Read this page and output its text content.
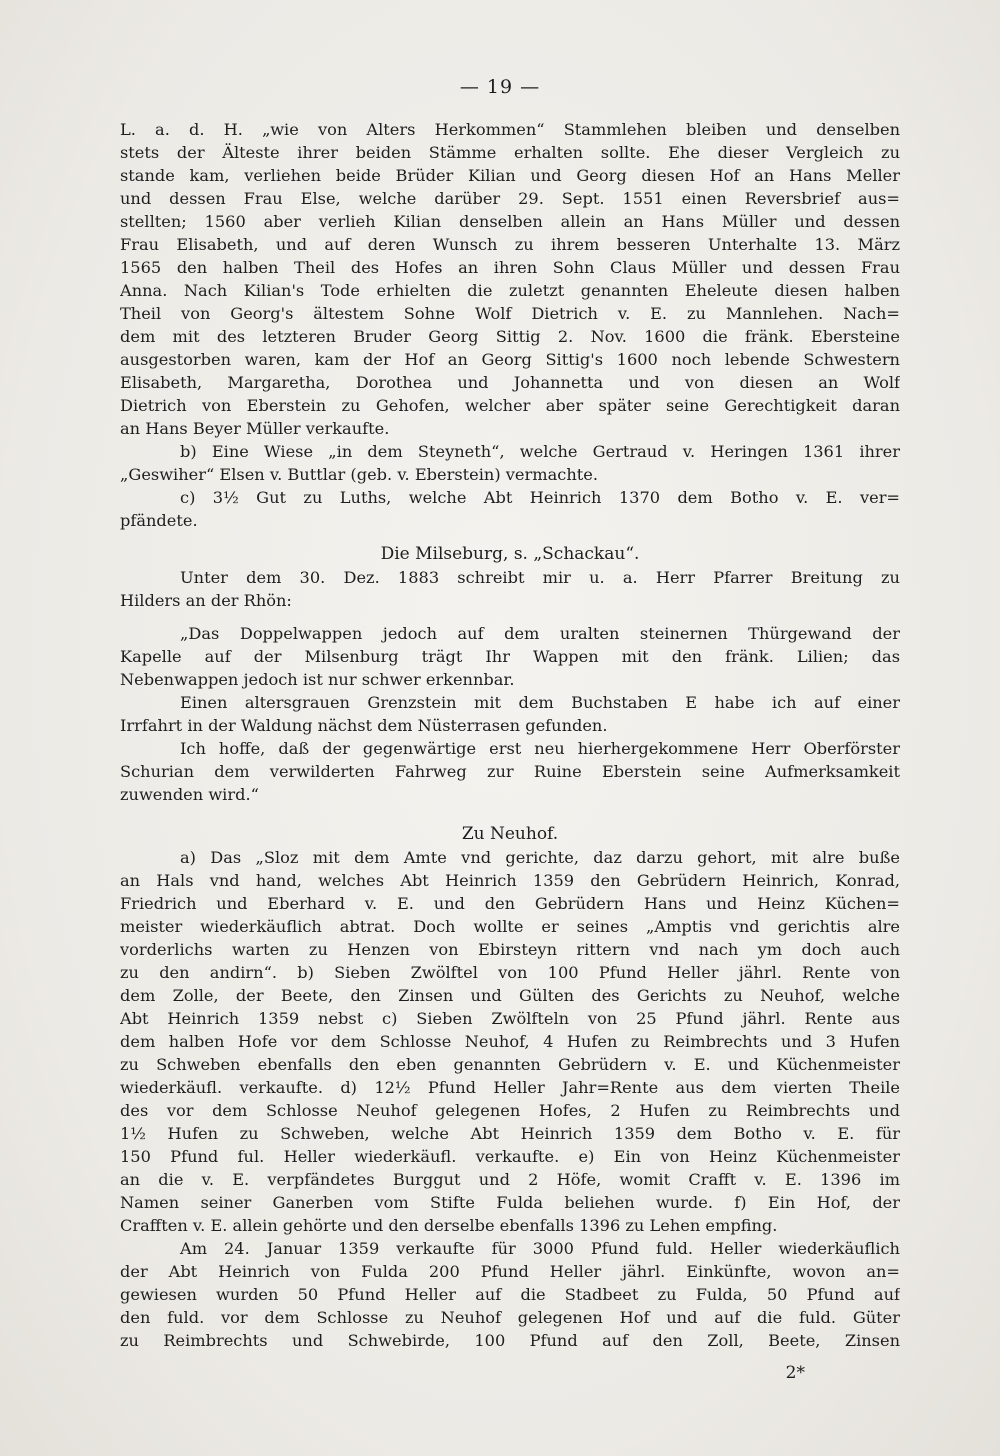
— 19 —
L. a. d. H. „wie von Alters Herkommen“ Stammlehen bleiben und denselben
stets der Älteste ihrer beiden Stämme erhalten sollte. Ehe dieser Vergleich zu
stande kam, verliehen beide Brüder Kilian und Georg diesen Hof an Hans Meller
und dessen Frau Else, welche darüber 29. Sept. 1551 einen Reversbrief aus=
stellten; 1560 aber verlieh Kilian denselben allein an Hans Müller und dessen
Frau Elisabeth, und auf deren Wunsch zu ihrem besseren Unterhalte 13. März
1565 den halben Theil des Hofes an ihren Sohn Claus Müller und dessen Frau
Anna. Nach Kilian's Tode erhielten die zuletzt genannten Eheleute diesen halben
Theil von Georg's ältestem Sohne Wolf Dietrich v. E. zu Mannlehen. Nach=
dem mit des letzteren Bruder Georg Sittig 2. Nov. 1600 die fränk. Ebersteine
ausgestorben waren, kam der Hof an Georg Sittig's 1600 noch lebende Schwestern
Elisabeth, Margaretha, Dorothea und Johannetta und von diesen an Wolf
Dietrich von Eberstein zu Gehofen, welcher aber später seine Gerechtigkeit daran
an Hans Beyer Müller verkaufte.
b) Eine Wiese „in dem Steyneth“, welche Gertraud v. Heringen 1361 ihrer
„Geswiher“ Elsen v. Buttlar (geb. v. Eberstein) vermachte.
c) 3½ Gut zu Luths, welche Abt Heinrich 1370 dem Botho v. E. ver=
pfändete.
Die Milseburg, s. „Schackau“.
Unter dem 30. Dez. 1883 schreibt mir u. a. Herr Pfarrer Breitung zu
Hilders an der Rhön:
„Das Doppelwappen jedoch auf dem uralten steinernen Thürgewand der
Kapelle auf der Milsenburg trägt Ihr Wappen mit den fränk. Lilien; das
Nebenwappen jedoch ist nur schwer erkennbar.
Einen altersgrauen Grenzstein mit dem Buchstaben E habe ich auf einer
Irrfahrt in der Waldung nächst dem Nüsterrasen gefunden.
Ich hoffe, daß der gegenwärtige erst neu hierhergekommene Herr Oberförster
Schurian dem verwilderten Fahrweg zur Ruine Eberstein seine Aufmerksamkeit
zuwenden wird.“
Zu Neuhof.
a) Das „Sloz mit dem Amte vnd gerichte, daz darzu gehort, mit alre buße
an Hals vnd hand, welches Abt Heinrich 1359 den Gebrüdern Heinrich, Konrad,
Friedrich und Eberhard v. E. und den Gebrüdern Hans und Heinz Küchen=
meister wiederkäuflich abtrat. Doch wollte er seines „Amptis vnd gerichtis alre
vorderlichs warten zu Henzen von Ebirsteyn rittern vnd nach ym doch auch
zu den andirn“. b) Sieben Zwölftel von 100 Pfund Heller jährl. Rente von
dem Zolle, der Beete, den Zinsen und Gülten des Gerichts zu Neuhof, welche
Abt Heinrich 1359 nebst c) Sieben Zwölfteln von 25 Pfund jährl. Rente aus
dem halben Hofe vor dem Schlosse Neuhof, 4 Hufen zu Reimbrechts und 3 Hufen
zu Schweben ebenfalls den eben genannten Gebrüdern v. E. und Küchenmeister
wiederkäufl. verkaufte. d) 12½ Pfund Heller Jahr=Rente aus dem vierten Theile
des vor dem Schlosse Neuhof gelegenen Hofes, 2 Hufen zu Reimbrechts und
1½ Hufen zu Schweben, welche Abt Heinrich 1359 dem Botho v. E. für
150 Pfund ful. Heller wiederkäufl. verkaufte. e) Ein von Heinz Küchenmeister
an die v. E. verpfändetes Burggut und 2 Höfe, womit Crafft v. E. 1396 im
Namen seiner Ganerben vom Stifte Fulda beliehen wurde. f) Ein Hof, der
Crafften v. E. allein gehörte und den derselbe ebenfalls 1396 zu Lehen empfing.
Am 24. Januar 1359 verkaufte für 3000 Pfund fuld. Heller wiederkäuflich
der Abt Heinrich von Fulda 200 Pfund Heller jährl. Einkünfte, wovon an=
gewiesen wurden 50 Pfund Heller auf die Stadbeet zu Fulda, 50 Pfund auf
den fuld. vor dem Schlosse zu Neuhof gelegenen Hof und auf die fuld. Güter
zu Reimbrechts und Schwebirde, 100 Pfund auf den Zoll, Beete, Zinsen
2*
